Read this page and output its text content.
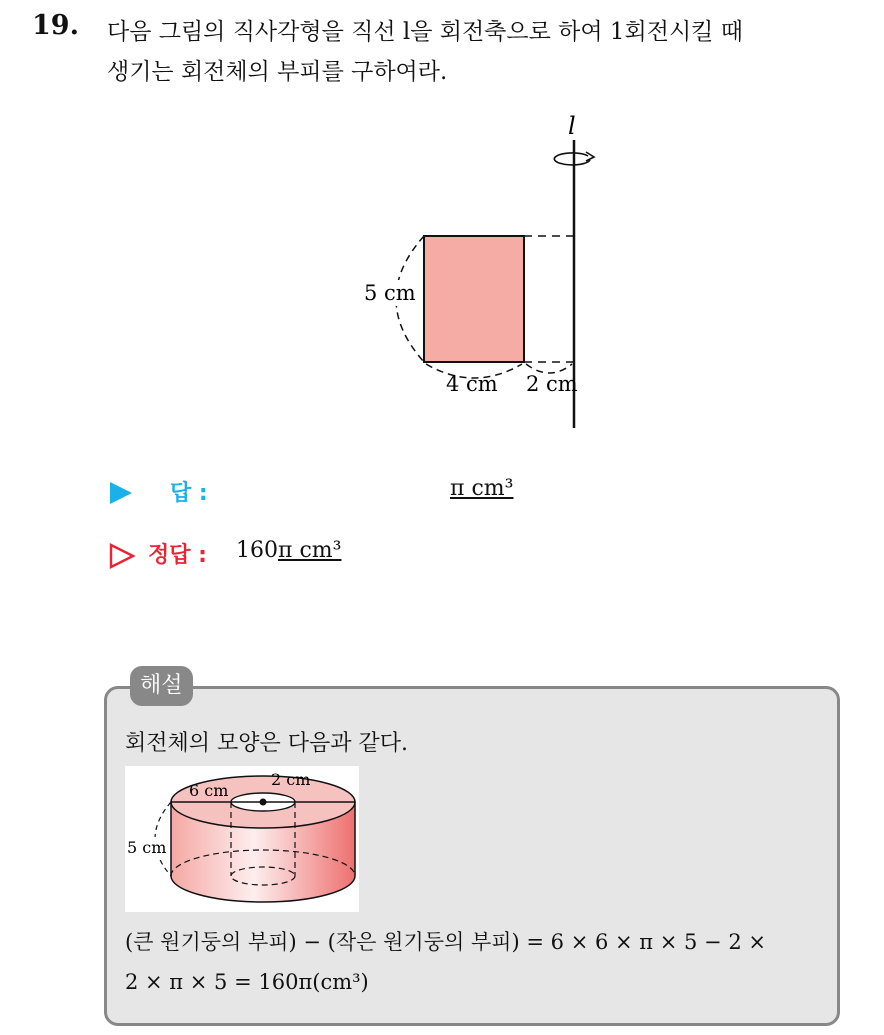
19. 다음 그림의 직사각형을 직선 l을 회전축으로 하여 1회전시킬 때
생기는 회전체의 부피를 구하여라.
l
5 cm
4 cm 2 cm
답 :	π cm³
정답 : 160π cm³
해설
회전체의 모양은 다음과 같다.
6 cm
2 cm
5 cm
(큰 원기둥의 부피) − (작은 원기둥의 부피) = 6 × 6 × π × 5 − 2 ×
2 × π × 5 = 160π(cm³)
